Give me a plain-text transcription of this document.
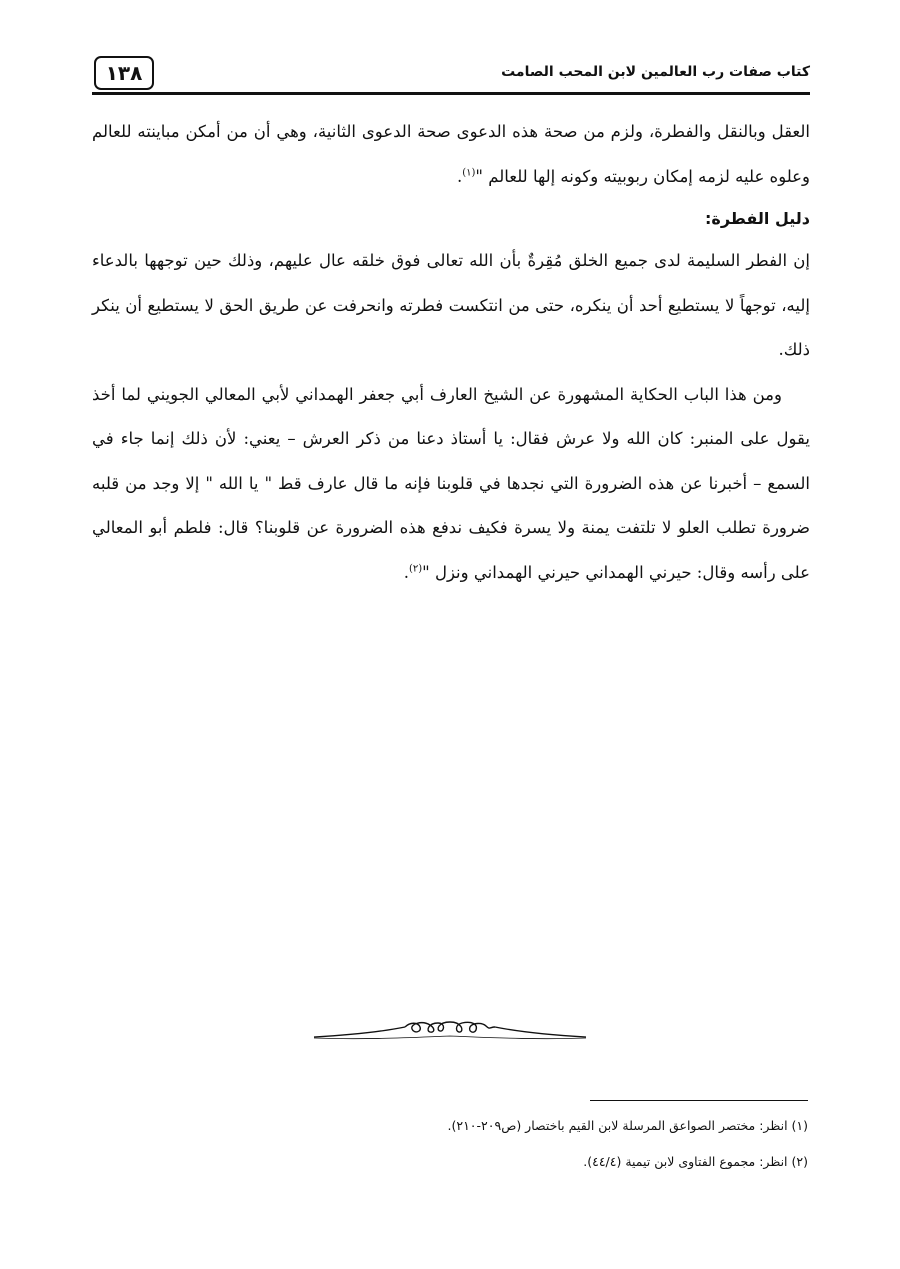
١٣٨	كتاب صفات رب العالمين لابن المحب الصامت

العقل وبالنقل والفطرة، ولزم من صحة هذه الدعوى صحة الدعوى الثانية، وهي أن من أمكن مباينته للعالم وعلوه عليه لزمه إمكان ربوبيته وكونه إلها للعالم "$^{(١)}$.

دليل الفطرة:

إن الفطر السليمة لدى جميع الخلق مُقِرةٌ بأن الله تعالى فوق خلقه عال عليهم، وذلك حين توجهها بالدعاء إليه، توجهاً لا يستطيع أحد أن ينكره، حتى من انتكست فطرته وانحرفت عن طريق الحق لا يستطيع أن ينكر ذلك.

ومن هذا الباب الحكاية المشهورة عن الشيخ العارف أبي جعفر الهمداني لأبي المعالي الجويني لما أخذ يقول على المنبر: كان الله ولا عرش فقال: يا أستاذ دعنا من ذكر العرش – يعني: لأن ذلك إنما جاء في السمع – أخبرنا عن هذه الضرورة التي نجدها في قلوبنا فإنه ما قال عارف قط " يا الله " إلا وجد من قلبه ضرورة تطلب العلو لا تلتفت يمنة ولا يسرة فكيف ندفع هذه الضرورة عن قلوبنا؟ قال: فلطم أبو المعالي على رأسه وقال: حيرني الهمداني حيرني الهمداني ونزل "$^{(٢)}$.

(١) انظر: مختصر الصواعق المرسلة لابن القيم باختصار (ص٢٠٩-٢١٠).

(٢) انظر: مجموع الفتاوى لابن تيمية (٤٤/٤).
